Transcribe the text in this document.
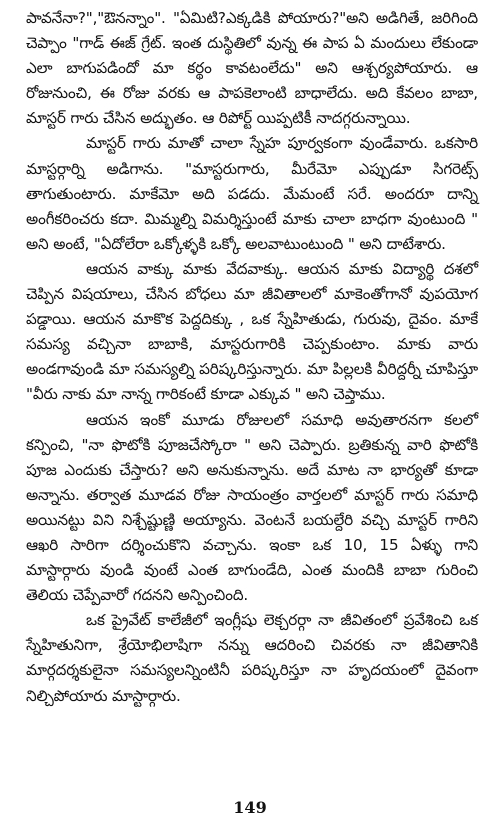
పావనేనా?","ఔనన్నాం". "ఏమిటి?ఎక్కడికి పోయారు?"అని అడిగితే, జరిగింది చెప్పాం "గాడ్ ఈజ్ గ్రేట్. ఇంత దుస్థితిలో వున్న ఈ పాప ఏ మందులు లేకుండా ఎలా బాగుపడిందో మా కర్థం కావటంలేదు" అని ఆశ్చర్యపోయారు. ఆ రోజునుంచి, ఈ రోజు వరకు ఆ పాపకెలాంటి బాధాలేదు. అది కేవలం బాబా, మాస్టర్ గారు చేసిన అద్భుతం. ఆ రిపోర్ట్ యిప్పటికీ నాదగ్గరున్నాయి.

మాస్టర్ గారు మాతో చాలా స్నేహ పూర్వకంగా వుండేవారు. ఒకసారి మాస్టర్గార్ని అడిగాను. "మాస్టరుగారు, మీరేమో ఎప్పుడూ సిగరెట్స్ తాగుతుంటారు. మాకేమో అది పడదు. మేమంటే సరే. అందరూ దాన్ని అంగీకరించరు కదా. మిమ్మల్ని విమర్శిస్తుంటే మాకు చాలా బాధగా వుంటుంది " అని అంటే, "ఏదోలేరా ఒక్కోళ్ళకి ఒక్కో అలవాటుంటుంది " అని దాటేశారు.

ఆయన వాక్కు మాకు వేదవాక్కు. ఆయన మాకు విద్యార్థి దశలో చెప్పిన విషయాలు, చేసిన బోధలు మా జీవితాలలో మాకెంతోగానో వుపయోగ పడ్డాయి. ఆయన మాకొక పెద్దదిక్కు , ఒక స్నేహితుడు, గురువు, దైవం. మాకే సమస్య వచ్చినా బాబాకి, మాస్టరుగారికి చెప్పకుంటాం. మాకు వారు అండగావుండి మా సమస్యల్ని పరిష్కరిస్తున్నారు. మా పిల్లలకి వీరిద్దర్నీ చూపిస్తూ "వీరు నాకు మా నాన్న గారికంటే కూడా ఎక్కువ " అని చెప్తాము.

ఆయన ఇంకో మూడు రోజులలో సమాధి అవుతారనగా కలలో కన్పించి, "నా ఫొటోకి పూజచేస్కోరా " అని చెప్పారు. బ్రతికున్న వారి ఫొటోకి పూజ ఎందుకు చేస్తారు? అని అనుకున్నాను. అదే మాట నా భార్యతో కూడా అన్నాను. తర్వాత మూడవ రోజు సాయంత్రం వార్తలలో మాస్టర్ గారు సమాధి అయినట్టు విని నిశ్చేష్టుణ్ణి అయ్యాను. వెంటనే బయల్దేరి వచ్చి మాస్టర్ గారిని ఆఖరి సారిగా దర్శించుకొని వచ్చాను. ఇంకా ఒక 10, 15 ఏళ్ళు గాని మాస్టార్గారు వుండి వుంటే ఎంత బాగుండేది, ఎంత మందికి బాబా గురించి తెలియ చెప్పేవారో గదనని అన్పించింది.

ఒక ప్రైవేట్ కాలేజీలో ఇంగ్లీషు లెక్చరర్గా నా జీవితంలో ప్రవేశించి ఒక స్నేహితునిగా, శ్రేయోభిలాషిగా నన్ను ఆదరించి చివరకు నా జీవితానికి మార్గదర్శకులైనా సమస్యలన్నింటినీ పరిష్కరిస్తూ నా హృదయంలో దైవంగా నిల్చిపోయారు మాస్టార్గారు.

149
